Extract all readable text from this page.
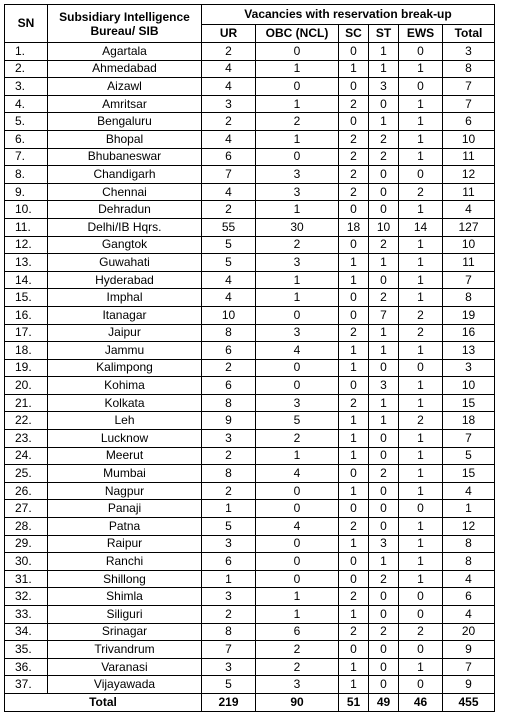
SN	Subsidiary Intelligence Bureau/ SIB	Vacancies with reservation break-up					
		UR	OBC (NCL)	SC	ST	EWS	Total
1.	Agartala	2	0	0	1	0	3
2.	Ahmedabad	4	1	1	1	1	8
3.	Aizawl	4	0	0	3	0	7
4.	Amritsar	3	1	2	0	1	7
5.	Bengaluru	2	2	0	1	1	6
6.	Bhopal	4	1	2	2	1	10
7.	Bhubaneswar	6	0	2	2	1	11
8.	Chandigarh	7	3	2	0	0	12
9.	Chennai	4	3	2	0	2	11
10.	Dehradun	2	1	0	0	1	4
11.	Delhi/IB Hqrs.	55	30	18	10	14	127
12.	Gangtok	5	2	0	2	1	10
13.	Guwahati	5	3	1	1	1	11
14.	Hyderabad	4	1	1	0	1	7
15.	Imphal	4	1	0	2	1	8
16.	Itanagar	10	0	0	7	2	19
17.	Jaipur	8	3	2	1	2	16
18.	Jammu	6	4	1	1	1	13
19.	Kalimpong	2	0	1	0	0	3
20.	Kohima	6	0	0	3	1	10
21.	Kolkata	8	3	2	1	1	15
22.	Leh	9	5	1	1	2	18
23.	Lucknow	3	2	1	0	1	7
24.	Meerut	2	1	1	0	1	5
25.	Mumbai	8	4	0	2	1	15
26.	Nagpur	2	0	1	0	1	4
27.	Panaji	1	0	0	0	0	1
28.	Patna	5	4	2	0	1	12
29.	Raipur	3	0	1	3	1	8
30.	Ranchi	6	0	0	1	1	8
31.	Shillong	1	0	0	2	1	4
32.	Shimla	3	1	2	0	0	6
33.	Siliguri	2	1	1	0	0	4
34.	Srinagar	8	6	2	2	2	20
35.	Trivandrum	7	2	0	0	0	9
36.	Varanasi	3	2	1	0	1	7
37.	Vijayawada	5	3	1	0	0	9
Total		219	90	51	49	46	455
